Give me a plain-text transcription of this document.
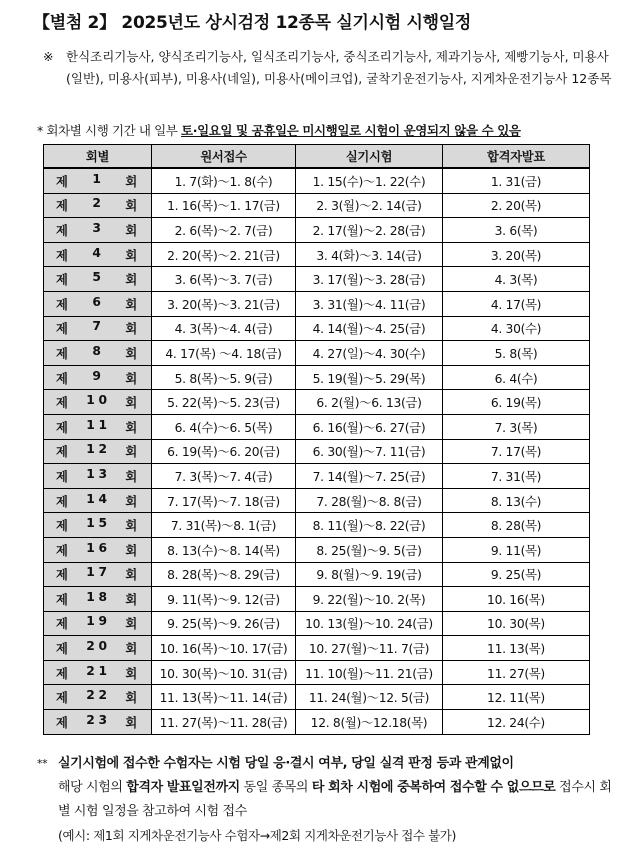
【별첨 2】 2025년도 상시검정 12종목 실기시험 시행일정
※ 한식조리기능사, 양식조리기능사, 일식조리기능사, 중식조리기능사, 제과기능사, 제빵기능사, 미용사(일반), 미용사(피부), 미용사(네일), 미용사(메이크업), 굴착기운전기능사, 지게차운전기능사 12종목
* 회차별 시행 기간 내 일부 토·일요일 및 공휴일은 미시행일로 시험이 운영되지 않을 수 있음
회별	원서접수	실기시험	합격자발표

제 1 회	1. 7(화)～1. 8(수)	1. 15(수)～1. 22(수)	1. 31(금)

제 2 회	1. 16(목)～1. 17(금)	2. 3(월)～2. 14(금)	2. 20(목)

제 3 회	2. 6(목)～2. 7(금)	2. 17(월)～2. 28(금)	3. 6(목)

제 4 회	2. 20(목)～2. 21(금)	3. 4(화)～3. 14(금)	3. 20(목)

제 5 회	3. 6(목)～3. 7(금)	3. 17(월)～3. 28(금)	4. 3(목)

제 6 회	3. 20(목)～3. 21(금)	3. 31(월)～4. 11(금)	4. 17(목)

제 7 회	4. 3(목)～4. 4(금)	4. 14(월)～4. 25(금)	4. 30(수)

제 8 회	4. 17(목) ～4. 18(금)	4. 27(일)～4. 30(수)	5. 8(목)

제 9 회	5. 8(목)～5. 9(금)	5. 19(월)～5. 29(목)	6. 4(수)

제 1 0 회	5. 22(목)～5. 23(금)	6. 2(월)～6. 13(금)	6. 19(목)

제 1 1 회	6. 4(수)～6. 5(목)	6. 16(월)～6. 27(금)	7. 3(목)

제 1 2 회	6. 19(목)～6. 20(금)	6. 30(월)～7. 11(금)	7. 17(목)

제 1 3 회	7. 3(목)～7. 4(금)	7. 14(월)～7. 25(금)	7. 31(목)

제 1 4 회	7. 17(목)～7. 18(금)	7. 28(월)～8. 8(금)	8. 13(수)

제 1 5 회	7. 31(목)～8. 1(금)	8. 11(월)～8. 22(금)	8. 28(목)

제 1 6 회	8. 13(수)～8. 14(목)	8. 25(월)～9. 5(금)	9. 11(목)

제 1 7 회	8. 28(목)～8. 29(금)	9. 8(월)～9. 19(금)	9. 25(목)

제 1 8 회	9. 11(목)～9. 12(금)	9. 22(월)～10. 2(목)	10. 16(목)

제 1 9 회	9. 25(목)～9. 26(금)	10. 13(월)～10. 24(금)	10. 30(목)

제 2 0 회	10. 16(목)～10. 17(금)	10. 27(월)～11. 7(금)	11. 13(목)

제 2 1 회	10. 30(목)～10. 31(금)	11. 10(월)～11. 21(금)	11. 27(목)

제 2 2 회	11. 13(목)～11. 14(금)	11. 24(월)～12. 5(금)	12. 11(목)

제 2 3 회	11. 27(목)～11. 28(금)	12. 8(월)～12.18(목)	12. 24(수)
** 실기시험에 접수한 수험자는 시험 당일 응·결시 여부, 당일 실격 판정 등과 관계없이

해당 시험의 합격자 발표일전까지 동일 종목의 타 회차 시험에 중복하여 접수할 수 없으므로 접수시 회별 시험 일정을 참고하여 시험 접수

(예시: 제1회 지게차운전기능사 수험자→제2회 지게차운전기능사 접수 불가)
